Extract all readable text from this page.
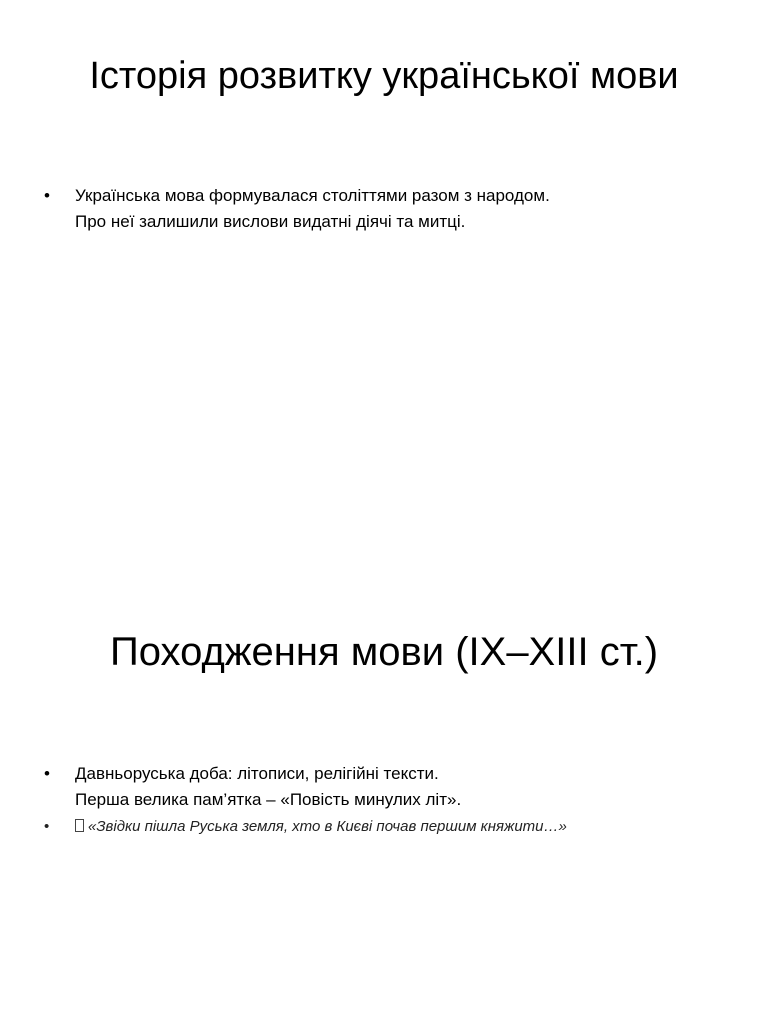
Історія розвитку української мови
• Українська мова формувалася століттями разом з народом.
Про неї залишили вислови видатні діячі та митці.
Походження мови (IX–XIII ст.)
• Давньоруська доба: літописи, релігійні тексти.
Перша велика пам’ятка – «Повість минулих літ».
•	«Звідки пішла Руська земля, хто в Києві почав першим княжити…»
